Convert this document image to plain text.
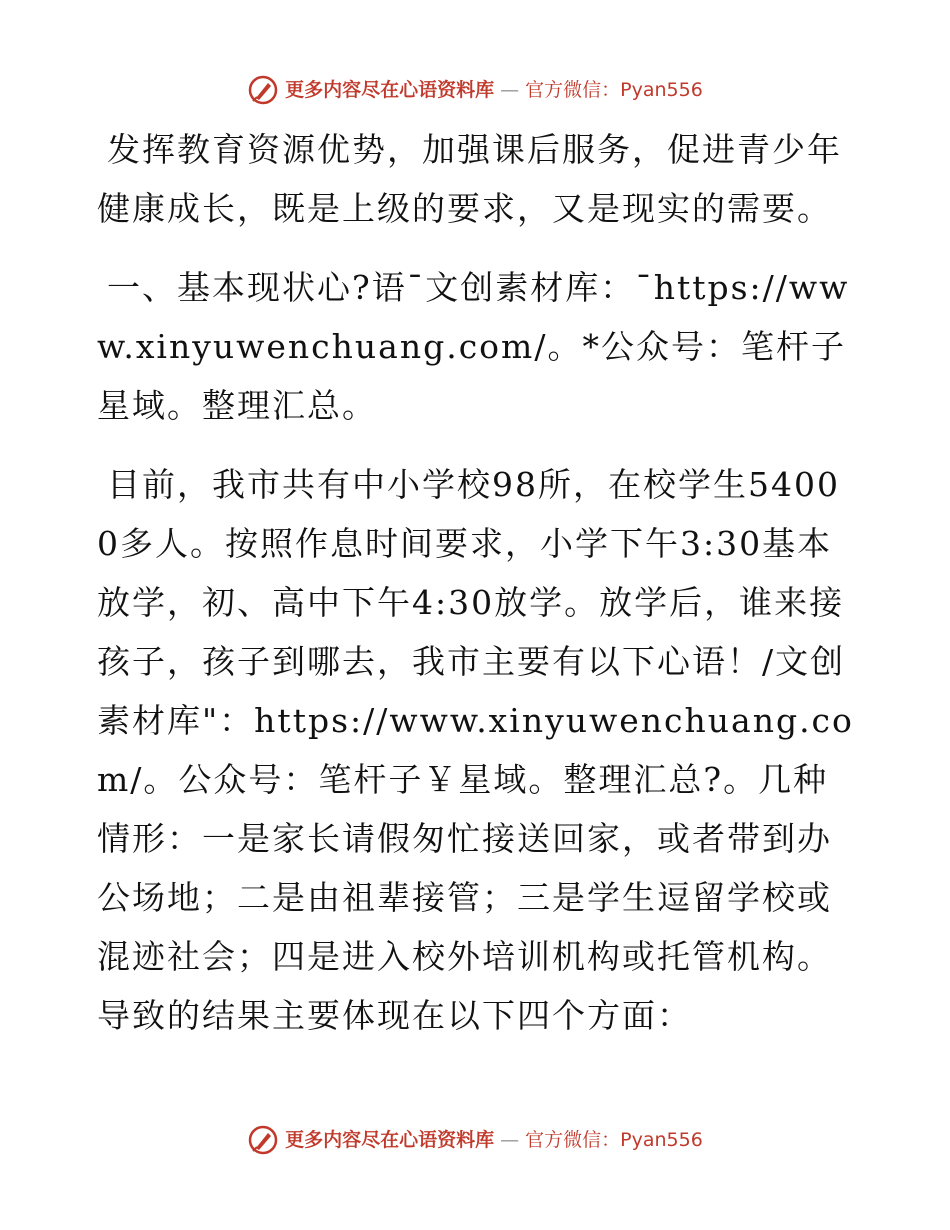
更多内容尽在心语资料库 — 官方微信：Pyan556

发挥教育资源优势，加强课后服务，促进青少年健康成长，既是上级的要求，又是现实的需要。

一、基本现状心?语¯文创素材库：¯https://www.xinyuwenchuang.com/。*公众号：笔杆子星域。整理汇总。

目前，我市共有中小学校98所，在校学生54000多人。按照作息时间要求，小学下午3:30基本放学，初、高中下午4:30放学。放学后，谁来接孩子，孩子到哪去，我市主要有以下心语！/文创素材库"：https://www.xinyuwenchuang.com/。公众号：笔杆子￥星域。整理汇总?。几种情形：一是家长请假匆忙接送回家，或者带到办公场地；二是由祖辈接管；三是学生逗留学校或混迹社会；四是进入校外培训机构或托管机构。导致的结果主要体现在以下四个方面：

更多内容尽在心语资料库 — 官方微信：Pyan556
